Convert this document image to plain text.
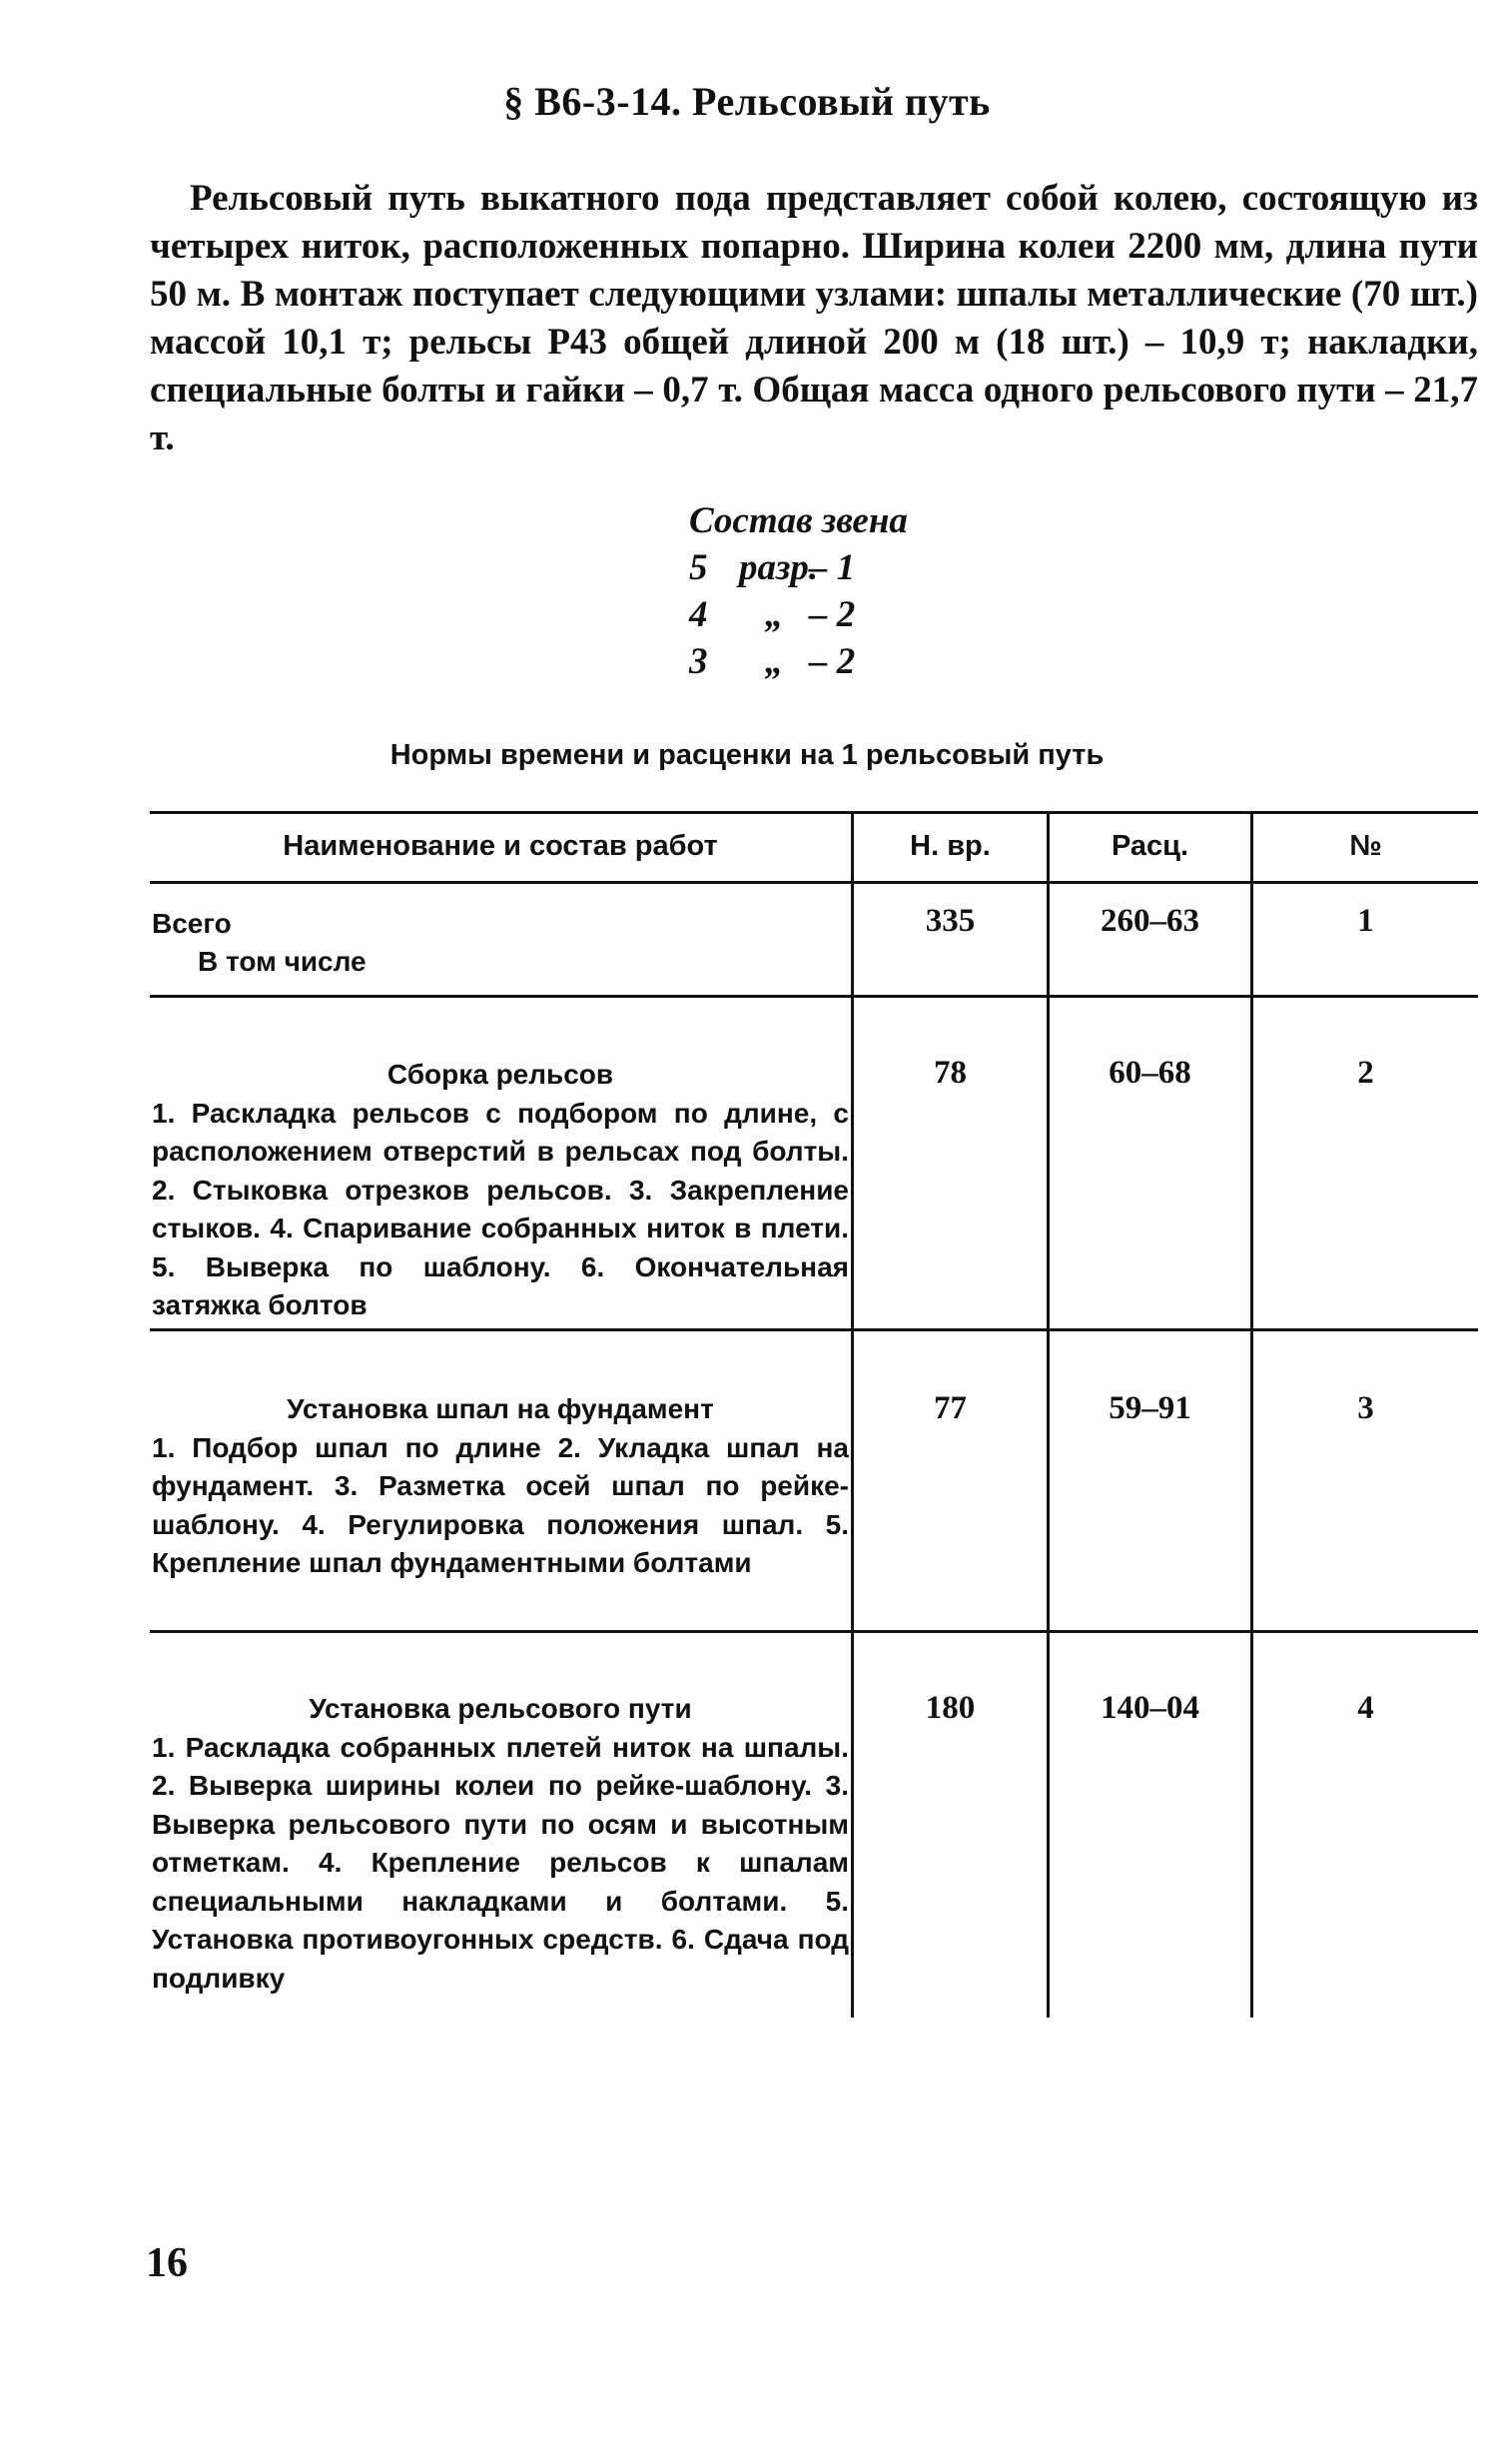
§ В6-3-14. Рельсовый путь
Рельсовый путь выкатного пода представляет собой колею, состоящую из четырех ниток, расположенных попарно. Ширина колеи 2200 мм, длина пути 50 м. В монтаж поступает следующими узлами: шпалы металлические (70 шт.) массой 10,1 т; рельсы Р43 общей длиной 200 м (18 шт.) – 10,9 т; накладки, специальные болты и гайки – 0,7 т. Общая масса одного рельсового пути – 21,7 т.
Состав звена
5 разр.– 1
4 „ – 2
3 „ – 2
Нормы времени и расценки на 1 рельсовый путь
Наименование и состав работ	Н. вр.	Расц.	№
Всего
В том числе
335	260–63	1
Сборка рельсов
1. Раскладка рельсов с подбором по длине, с расположением отверстий в рельсах под болты. 2. Стыковка отрезков рельсов. 3. Закрепление стыков. 4. Спаривание собранных ниток в плети. 5. Выверка по шаблону. 6. Окончательная затяжка болтов
78	60–68	2
Установка шпал на фундамент
1. Подбор шпал по длине 2. Укладка шпал на фундамент. 3. Разметка осей шпал по рейке-шаблону. 4. Регулировка положения шпал. 5. Крепление шпал фундаментными болтами
77	59–91	3
Установка рельсового пути
1. Раскладка собранных плетей ниток на шпалы. 2. Выверка ширины колеи по рейке-шаблону. 3. Выверка рельсового пути по осям и высотным отметкам. 4. Крепление рельсов к шпалам специальными накладками и болтами. 5. Установка противоугонных средств. 6. Сдача под подливку
180	140–04	4
16
